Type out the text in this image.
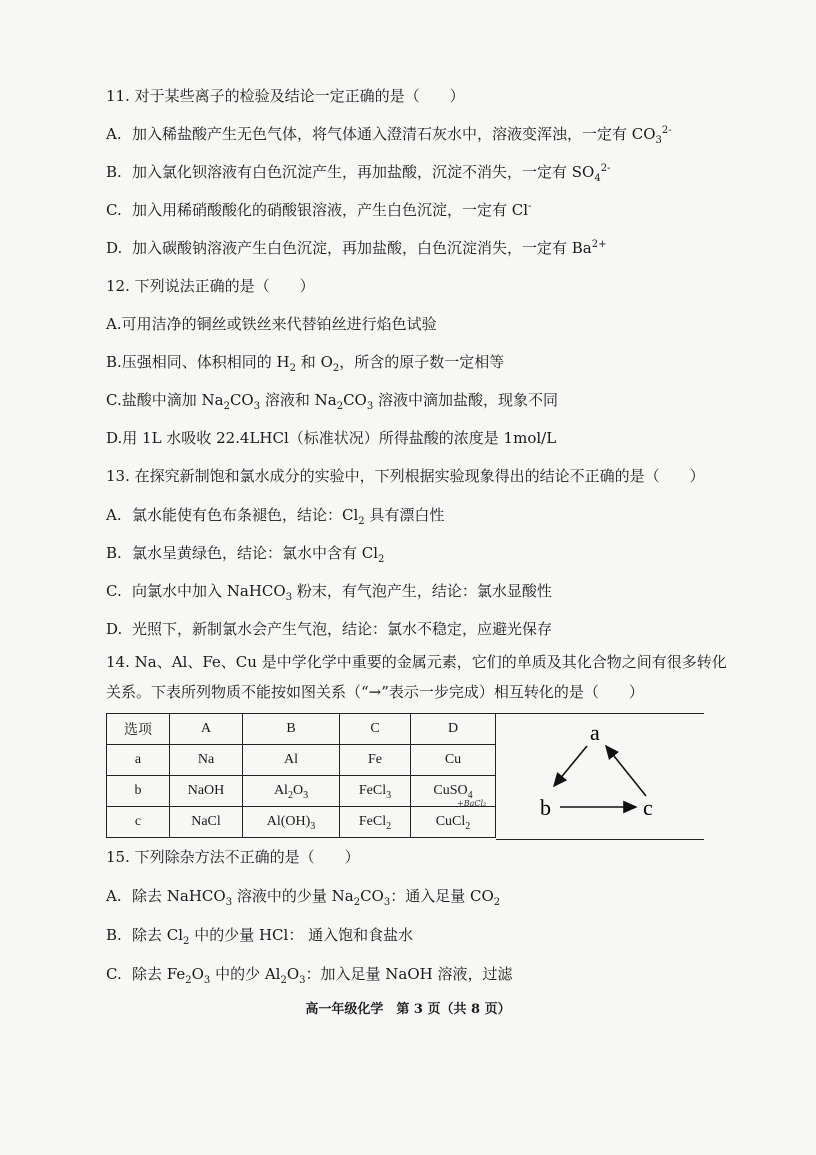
11. 对于某些离子的检验及结论一定正确的是（　　）
A. 加入稀盐酸产生无色气体，将气体通入澄清石灰水中，溶液变浑浊，一定有 $CO_3^{2-}$
B. 加入氯化钡溶液有白色沉淀产生，再加盐酸，沉淀不消失，一定有 $SO_4^{2-}$
C. 加入用稀硝酸酸化的硝酸银溶液，产生白色沉淀，一定有 Cl-
D. 加入碳酸钠溶液产生白色沉淀，再加盐酸，白色沉淀消失，一定有 $Ba^{2+}$
12. 下列说法正确的是（　　）
A.可用洁净的铜丝或铁丝来代替铂丝进行焰色试验
B.压强相同、体积相同的 $H_2$ 和 $O_2$，所含的原子数一定相等
C.盐酸中滴加 $Na_2CO_3$ 溶液和 $Na_2CO_3$ 溶液中滴加盐酸，现象不同
D.用 1L 水吸收 22.4LHCl（标准状况）所得盐酸的浓度是 1mol/L
13. 在探究新制饱和氯水成分的实验中，下列根据实验现象得出的结论不正确的是（　　）
A. 氯水能使有色布条褪色，结论：$Cl_2$ 具有漂白性
B. 氯水呈黄绿色，结论：氯水中含有 $Cl_2$
C. 向氯水中加入 NaHCO$_3$ 粉末，有气泡产生，结论：氯水显酸性
D. 光照下，新制氯水会产生气泡，结论：氯水不稳定，应避光保存
14. Na、Al、Fe、Cu 是中学化学中重要的金属元素，它们的单质及其化合物之间有很多转化
关系。下表所列物质不能按如图关系（“→”表示一步完成）相互转化的是（　　）
选项	A	B	C	D
a	Na	Al	Fe	Cu
b	NaOH	$Al_2O_3$	FeCl$_3$	CuSO$_4$
c	NaCl	$Al(OH)_3$	FeCl$_2$	CuCl$_2$
+BaCl₂
a
b	c
15. 下列除杂方法不正确的是（　　）
A. 除去 NaHCO$_3$ 溶液中的少量 $Na_2CO_3$：通入足量 $CO_2$
B. 除去 $Cl_2$ 中的少量 HCl： 通入饱和食盐水
C. 除去 $Fe_2O_3$ 中的少 $Al_2O_3$：加入足量 NaOH 溶液，过滤
高一年级化学　第 3 页（共 8 页）
